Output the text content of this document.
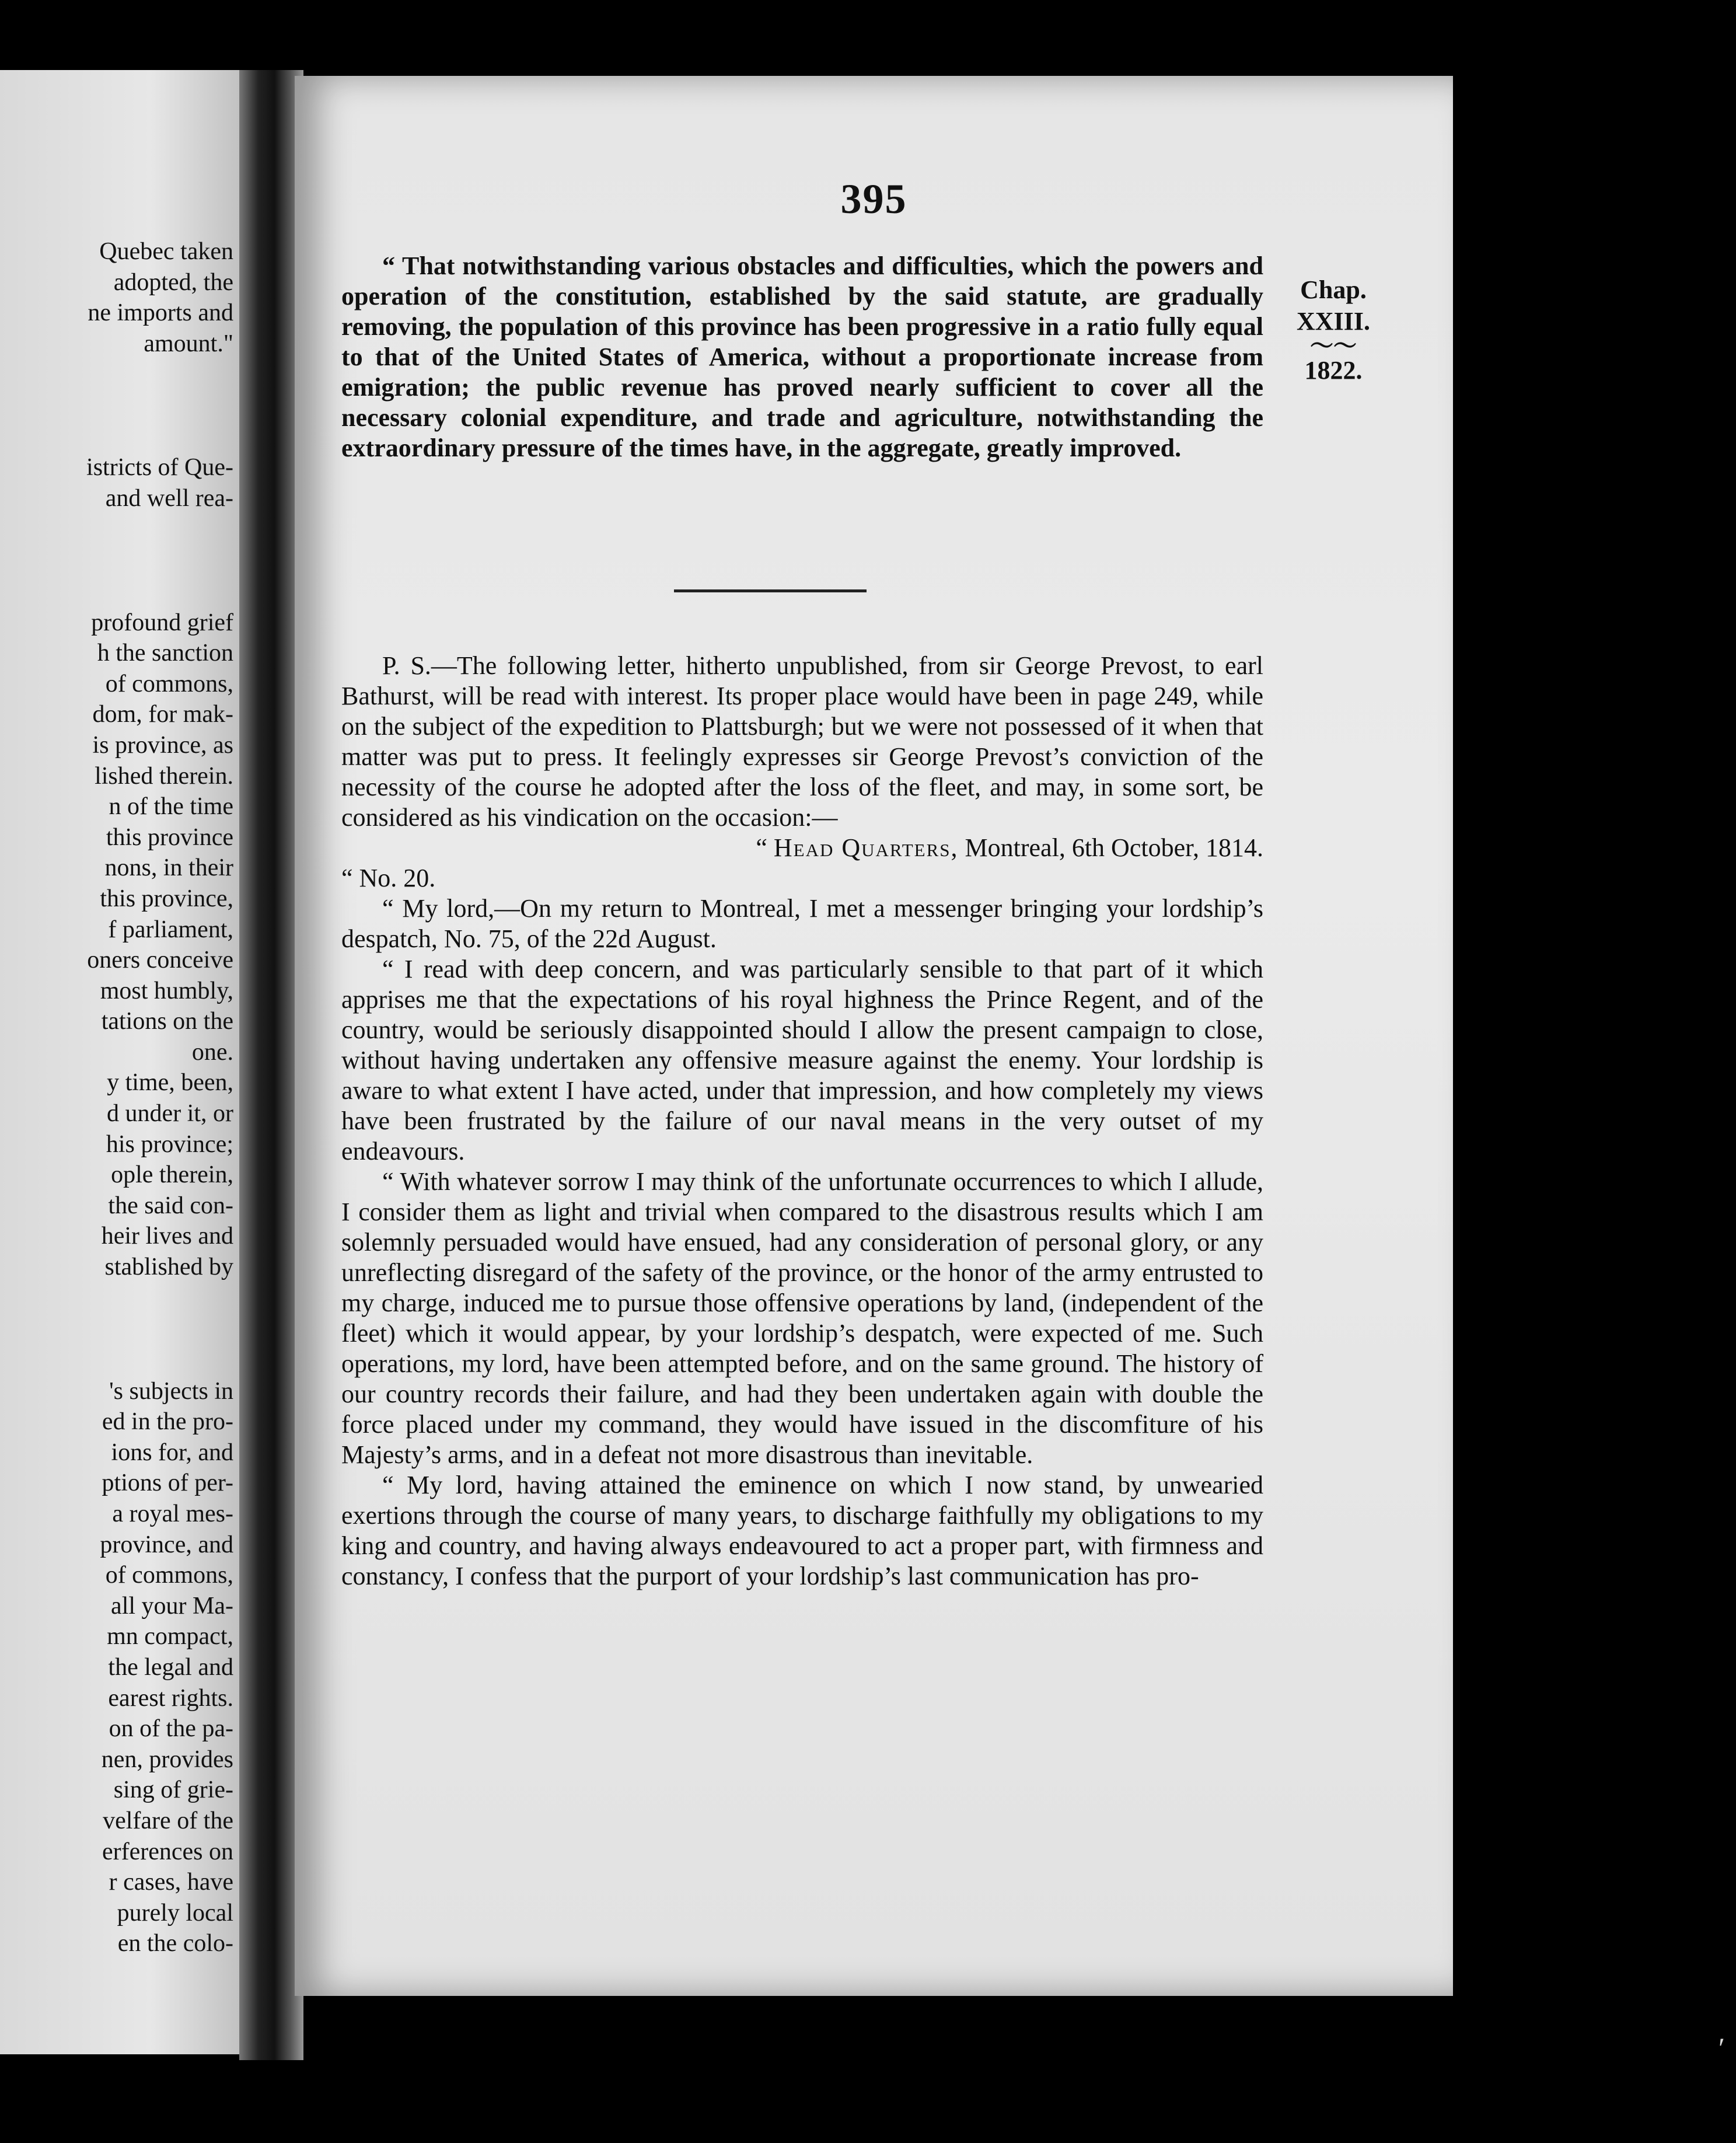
Quebec taken
adopted, the
ne imports and
amount."
istricts of Que-
and well rea-
profound grief
h the sanction
of commons,
dom, for mak-
is province, as
lished therein.
n of the time
this province
nons, in their
this province,
f parliament,
oners conceive
most humbly,
tations on the
one.
y time, been,
d under it, or
his province;
ople therein,
the said con-
heir lives and
stablished by
's subjects in
ed in the pro-
ions for, and
ptions of per-
a royal mes-
province, and
of commons,
all your Ma-
mn compact,
the legal and
earest rights.
on of the pa-
nen, provides
sing of grie-
velfare of the
erferences on
r cases, have
purely local
en the colo-
395
Chap.
XXIII.
〜〜
1822.

“ That notwithstanding various obstacles and difficulties, which the powers and operation of the constitution, established by the said statute, are gradually removing, the population of this province has been progressive in a ratio fully equal to that of the United States of America, without a proportionate increase from emigration; the public revenue has proved nearly sufficient to cover all the necessary colonial expenditure, and trade and agriculture, notwithstanding the extraordinary pressure of the times have, in the aggregate, greatly improved.

P. S.—The following letter, hitherto unpublished, from sir George Prevost, to earl Bathurst, will be read with interest. Its proper place would have been in page 249, while on the subject of the expedition to Plattsburgh; but we were not possessed of it when that matter was put to press. It feelingly expresses sir George Prevost’s conviction of the necessity of the course he adopted after the loss of the fleet, and may, in some sort, be considered as his vindication on the occasion:—

“ Head Quarters, Montreal, 6th October, 1814.

“ No. 20.

“ My lord,—On my return to Montreal, I met a messenger bringing your lordship’s despatch, No. 75, of the 22d August.

“ I read with deep concern, and was particularly sensible to that part of it which apprises me that the expectations of his royal highness the Prince Regent, and of the country, would be seriously disappointed should I allow the present campaign to close, without having undertaken any offensive measure against the enemy. Your lordship is aware to what extent I have acted, under that impression, and how completely my views have been frustrated by the failure of our naval means in the very outset of my endeavours.

“ With whatever sorrow I may think of the unfortunate occurrences to which I allude, I consider them as light and trivial when compared to the disastrous results which I am solemnly persuaded would have ensued, had any consideration of personal glory, or any unreflecting disregard of the safety of the province, or the honor of the army entrusted to my charge, induced me to pursue those offensive operations by land, (independent of the fleet) which it would appear, by your lordship’s despatch, were expected of me. Such operations, my lord, have been attempted before, and on the same ground. The history of our country records their failure, and had they been undertaken again with double the force placed under my command, they would have issued in the discomfiture of his Majesty’s arms, and in a defeat not more disastrous than inevitable.

“ My lord, having attained the eminence on which I now stand, by unwearied exertions through the course of many years, to discharge faithfully my obligations to my king and country, and having always endeavoured to act a proper part, with firmness and constancy, I confess that the purport of your lordship’s last communication has pro-

′
